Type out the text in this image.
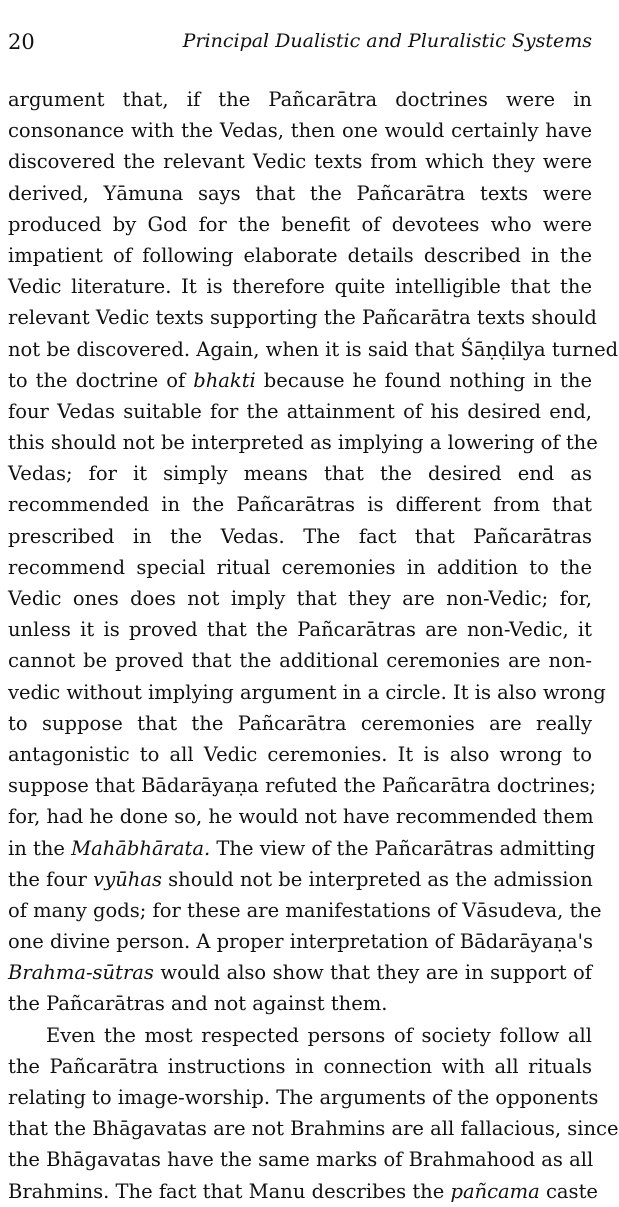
20	Principal Dualistic and Pluralistic Systems
argument that, if the Pañcarātra doctrines were in
consonance with the Vedas, then one would certainly have
discovered the relevant Vedic texts from which they were
derived, Yāmuna says that the Pañcarātra texts were
produced by God for the benefit of devotees who were
impatient of following elaborate details described in the
Vedic literature. It is therefore quite intelligible that the
relevant Vedic texts supporting the Pañcarātra texts should
not be discovered. Again, when it is said that Śāṇḍilya turned
to the doctrine of bhakti because he found nothing in the
four Vedas suitable for the attainment of his desired end,
this should not be interpreted as implying a lowering of the
Vedas; for it simply means that the desired end as
recommended in the Pañcarātras is different from that
prescribed in the Vedas. The fact that Pañcarātras
recommend special ritual ceremonies in addition to the
Vedic ones does not imply that they are non-Vedic; for,
unless it is proved that the Pañcarātras are non-Vedic, it
cannot be proved that the additional ceremonies are non-
vedic without implying argument in a circle. It is also wrong
to suppose that the Pañcarātra ceremonies are really
antagonistic to all Vedic ceremonies. It is also wrong to
suppose that Bādarāyaṇa refuted the Pañcarātra doctrines;
for, had he done so, he would not have recommended them
in the Mahābhārata. The view of the Pañcarātras admitting
the four vyūhas should not be interpreted as the admission
of many gods; for these are manifestations of Vāsudeva, the
one divine person. A proper interpretation of Bādarāyaṇa's
Brahma-sūtras would also show that they are in support of
the Pañcarātras and not against them.
Even the most respected persons of society follow all
the Pañcarātra instructions in connection with all rituals
relating to image-worship. The arguments of the opponents
that the Bhāgavatas are not Brahmins are all fallacious, since
the Bhāgavatas have the same marks of Brahmahood as all
Brahmins. The fact that Manu describes the pañcama caste
